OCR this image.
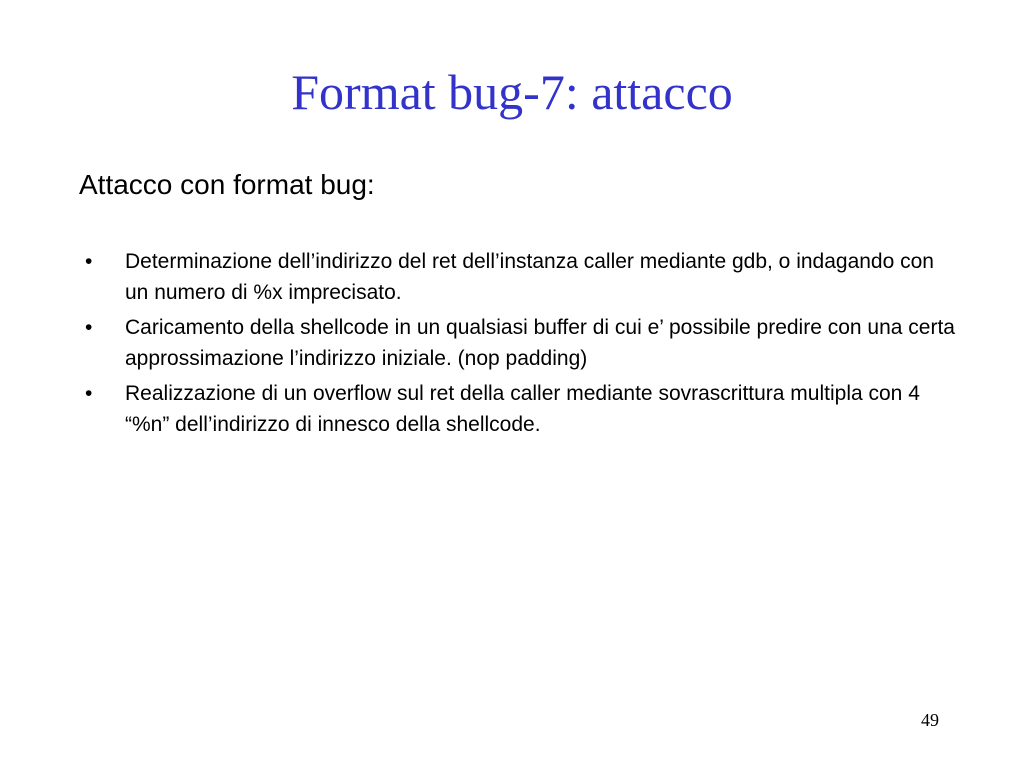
Format bug-7: attacco
Attacco con format bug:
• Determinazione dell’indirizzo del ret dell’instanza caller mediante gdb, o indagando con un numero di %x imprecisato.
• Caricamento della shellcode in un qualsiasi buffer di cui e’ possibile predire con una certa approssimazione l’indirizzo iniziale. (nop padding)
• Realizzazione di un overflow sul ret della caller mediante sovrascrittura multipla con 4 “%n” dell’indirizzo di innesco della shellcode.
49
